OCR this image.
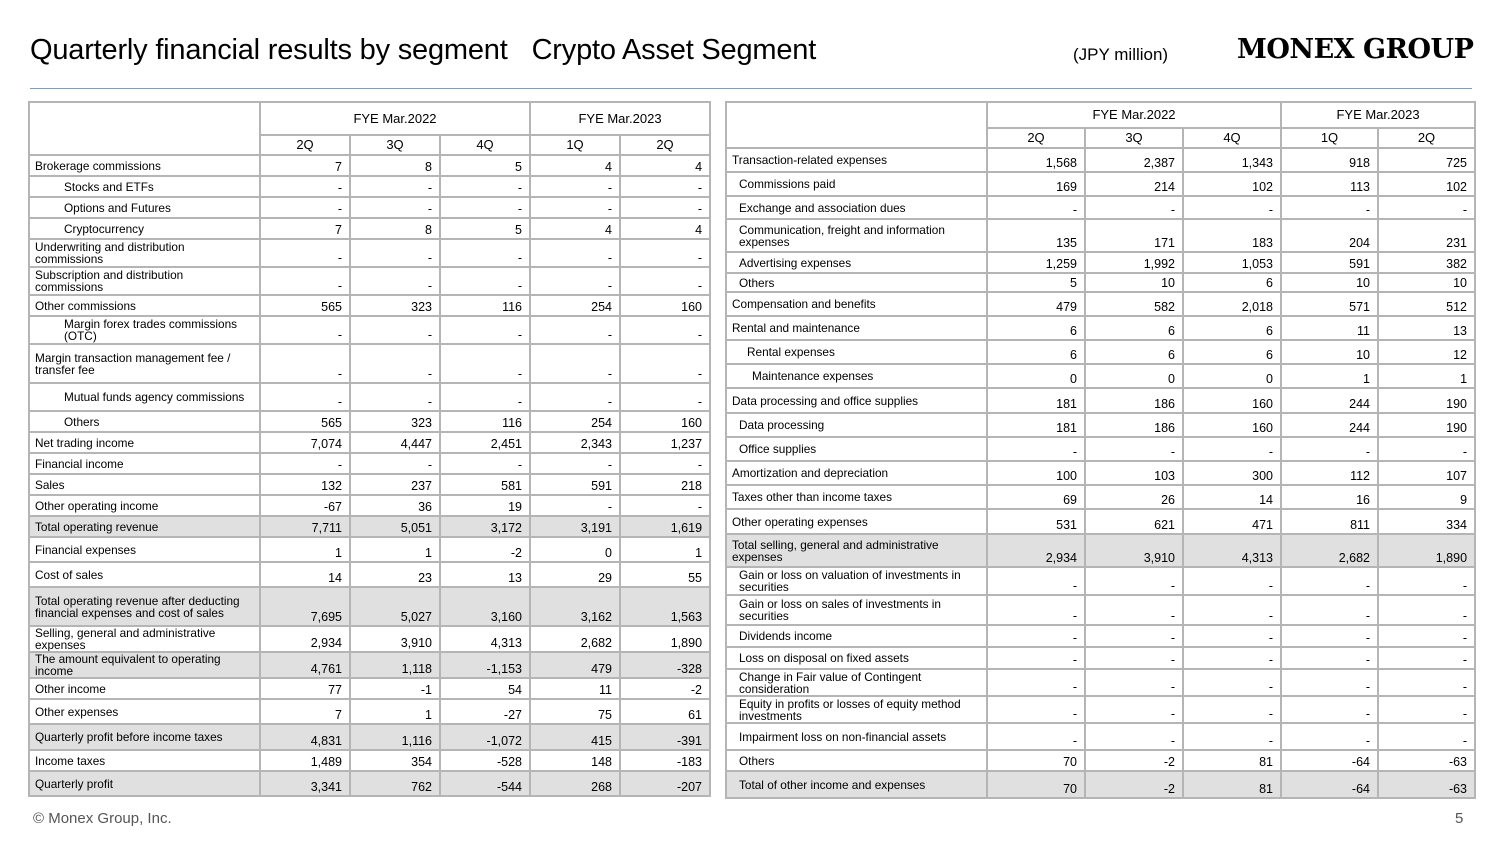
Quarterly financial results by segment Crypto Asset Segment	(JPY million)	MONEX GROUP
	FYE Mar.2022			FYE Mar.2023	
	2Q	3Q	4Q	1Q	2Q
Brokerage commissions	7	8	5	4	4
Stocks and ETFs	-	-	-	-	-
Options and Futures	-	-	-	-	-
Cryptocurrency	7	8	5	4	4
Underwriting and distribution commissions	-	-	-	-	-
Subscription and distribution commissions	-	-	-	-	-
Other commissions	565	323	116	254	160
Margin forex trades commissions (OTC)	-	-	-	-	-
Margin transaction management fee / transfer fee	-	-	-	-	-
Mutual funds agency commissions	-	-	-	-	-
Others	565	323	116	254	160
Net trading income	7,074	4,447	2,451	2,343	1,237
Financial income	-	-	-	-	-
Sales	132	237	581	591	218
Other operating income	-67	36	19	-	-
Total operating revenue	7,711	5,051	3,172	3,191	1,619
Financial expenses	1	1	-2	0	1
Cost of sales	14	23	13	29	55
Total operating revenue after deducting financial expenses and cost of sales	7,695	5,027	3,160	3,162	1,563
Selling, general and administrative expenses	2,934	3,910	4,313	2,682	1,890
The amount equivalent to operating income	4,761	1,118	-1,153	479	-328
Other income	77	-1	54	11	-2
Other expenses	7	1	-27	75	61
Quarterly profit before income taxes	4,831	1,116	-1,072	415	-391
Income taxes	1,489	354	-528	148	-183
Quarterly profit	3,341	762	-544	268	-207
	FYE Mar.2022			FYE Mar.2023	
	2Q	3Q	4Q	1Q	2Q
Transaction-related expenses	1,568	2,387	1,343	918	725
Commissions paid	169	214	102	113	102
Exchange and association dues	-	-	-	-	-
Communication, freight and information expenses	135	171	183	204	231
Advertising expenses	1,259	1,992	1,053	591	382
Others	5	10	6	10	10
Compensation and benefits	479	582	2,018	571	512
Rental and maintenance	6	6	6	11	13
Rental expenses	6	6	6	10	12
Maintenance expenses	0	0	0	1	1
Data processing and office supplies	181	186	160	244	190
Data processing	181	186	160	244	190
Office supplies	-	-	-	-	-
Amortization and depreciation	100	103	300	112	107
Taxes other than income taxes	69	26	14	16	9
Other operating expenses	531	621	471	811	334
Total selling, general and administrative expenses	2,934	3,910	4,313	2,682	1,890
Gain or loss on valuation of investments in securities	-	-	-	-	-
Gain or loss on sales of investments in securities	-	-	-	-	-
Dividends income	-	-	-	-	-
Loss on disposal on fixed assets	-	-	-	-	-
Change in Fair value of Contingent consideration	-	-	-	-	-
Equity in profits or losses of equity method investments	-	-	-	-	-
Impairment loss on non-financial assets	-	-	-	-	-
Others	70	-2	81	-64	-63
Total of other income and expenses	70	-2	81	-64	-63
© Monex Group, Inc.	5
